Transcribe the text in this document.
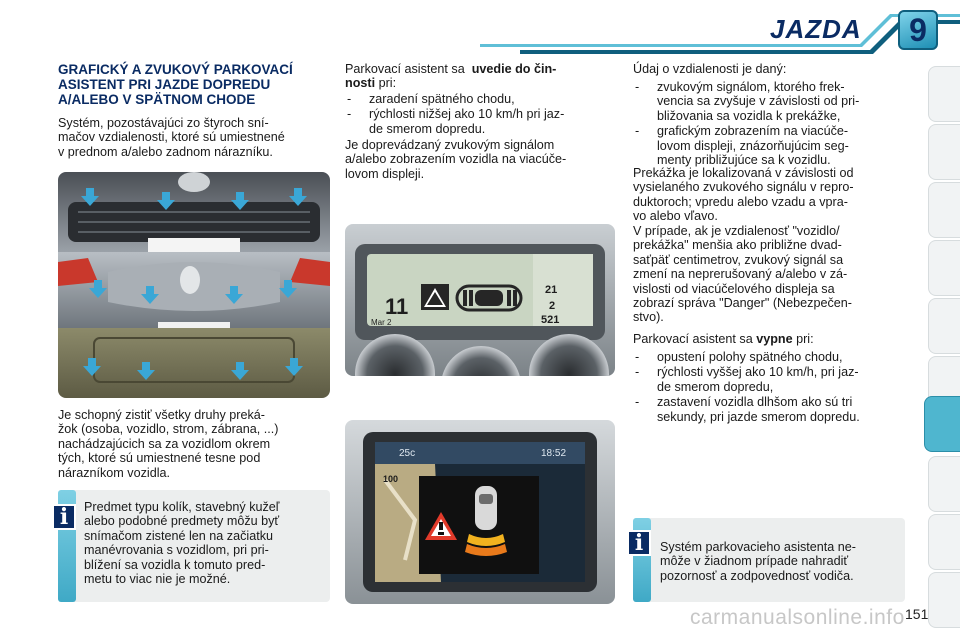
JAZDA	9
GRAFICKÝ A ZVUKOVÝ PARKOVACÍ
ASISTENT PRI JAZDE DOPREDU
A/ALEBO V SPÄTNOM CHODE
Systém, pozostávajúci zo štyroch sní-
mačov vzdialenosti, ktoré sú umiestnené
v prednom a/alebo zadnom nárazníku.
Je schopný zistiť všetky druhy preká-
žok (osoba, vozidlo, strom, zábrana, ...)
nachádzajúcich sa za vozidlom okrem
tých, ktoré sú umiestnené tesne pod
nárazníkom vozidla.
i	Predmet typu kolík, stavebný kužeľ
alebo podobné predmety môžu byť
snímačom zistené len na začiatku
manévrovania s vozidlom, pri pri-
blížení sa vozidla k tomuto pred-
metu to viac nie je možné.
Parkovací asistent sa uvedie do čin-
nosti pri:
- zaradení spätného chodu,
- rýchlosti nižšej ako 10 km/h pri jaz-
de smerom dopredu.
Je doprevádzaný zvukovým signálom
a/alebo zobrazením vozidla na viacúče-
lovom displeji.
11
Mar 2
21
2
521
25c	18:52
100
Údaj o vzdialenosti je daný:
- zvukovým signálom, ktorého frek-
vencia sa zvyšuje v závislosti od pri-
bližovania sa vozidla k prekážke,
- grafickým zobrazením na viacúče-
lovom displeji, znázorňujúcim seg-
menty približujúce sa k vozidlu.
Prekážka je lokalizovaná v závislosti od
vysielaného zvukového signálu v repro-
duktoroch; vpredu alebo vzadu a vpra-
vo alebo vľavo.
V prípade, ak je vzdialenosť "vozidlo/
prekážka" menšia ako približne dvad-
saťpäť centimetrov, zvukový signál sa
zmení na neprerušovaný a/alebo v zá-
vislosti od viacúčelového displeja sa
zobrazí správa "Danger" (Nebezpečen-
stvo).
Parkovací asistent sa vypne pri:
- opustení polohy spätného chodu,
- rýchlosti vyššej ako 10 km/h, pri jaz-
de smerom dopredu,
- zastavení vozidla dlhšom ako sú tri
sekundy, pri jazde smerom dopredu.
i	Systém parkovacieho asistenta ne-
môže v žiadnom prípade nahradiť
pozornosť a zodpovednosť vodiča.
carmanualsonline.info 151
